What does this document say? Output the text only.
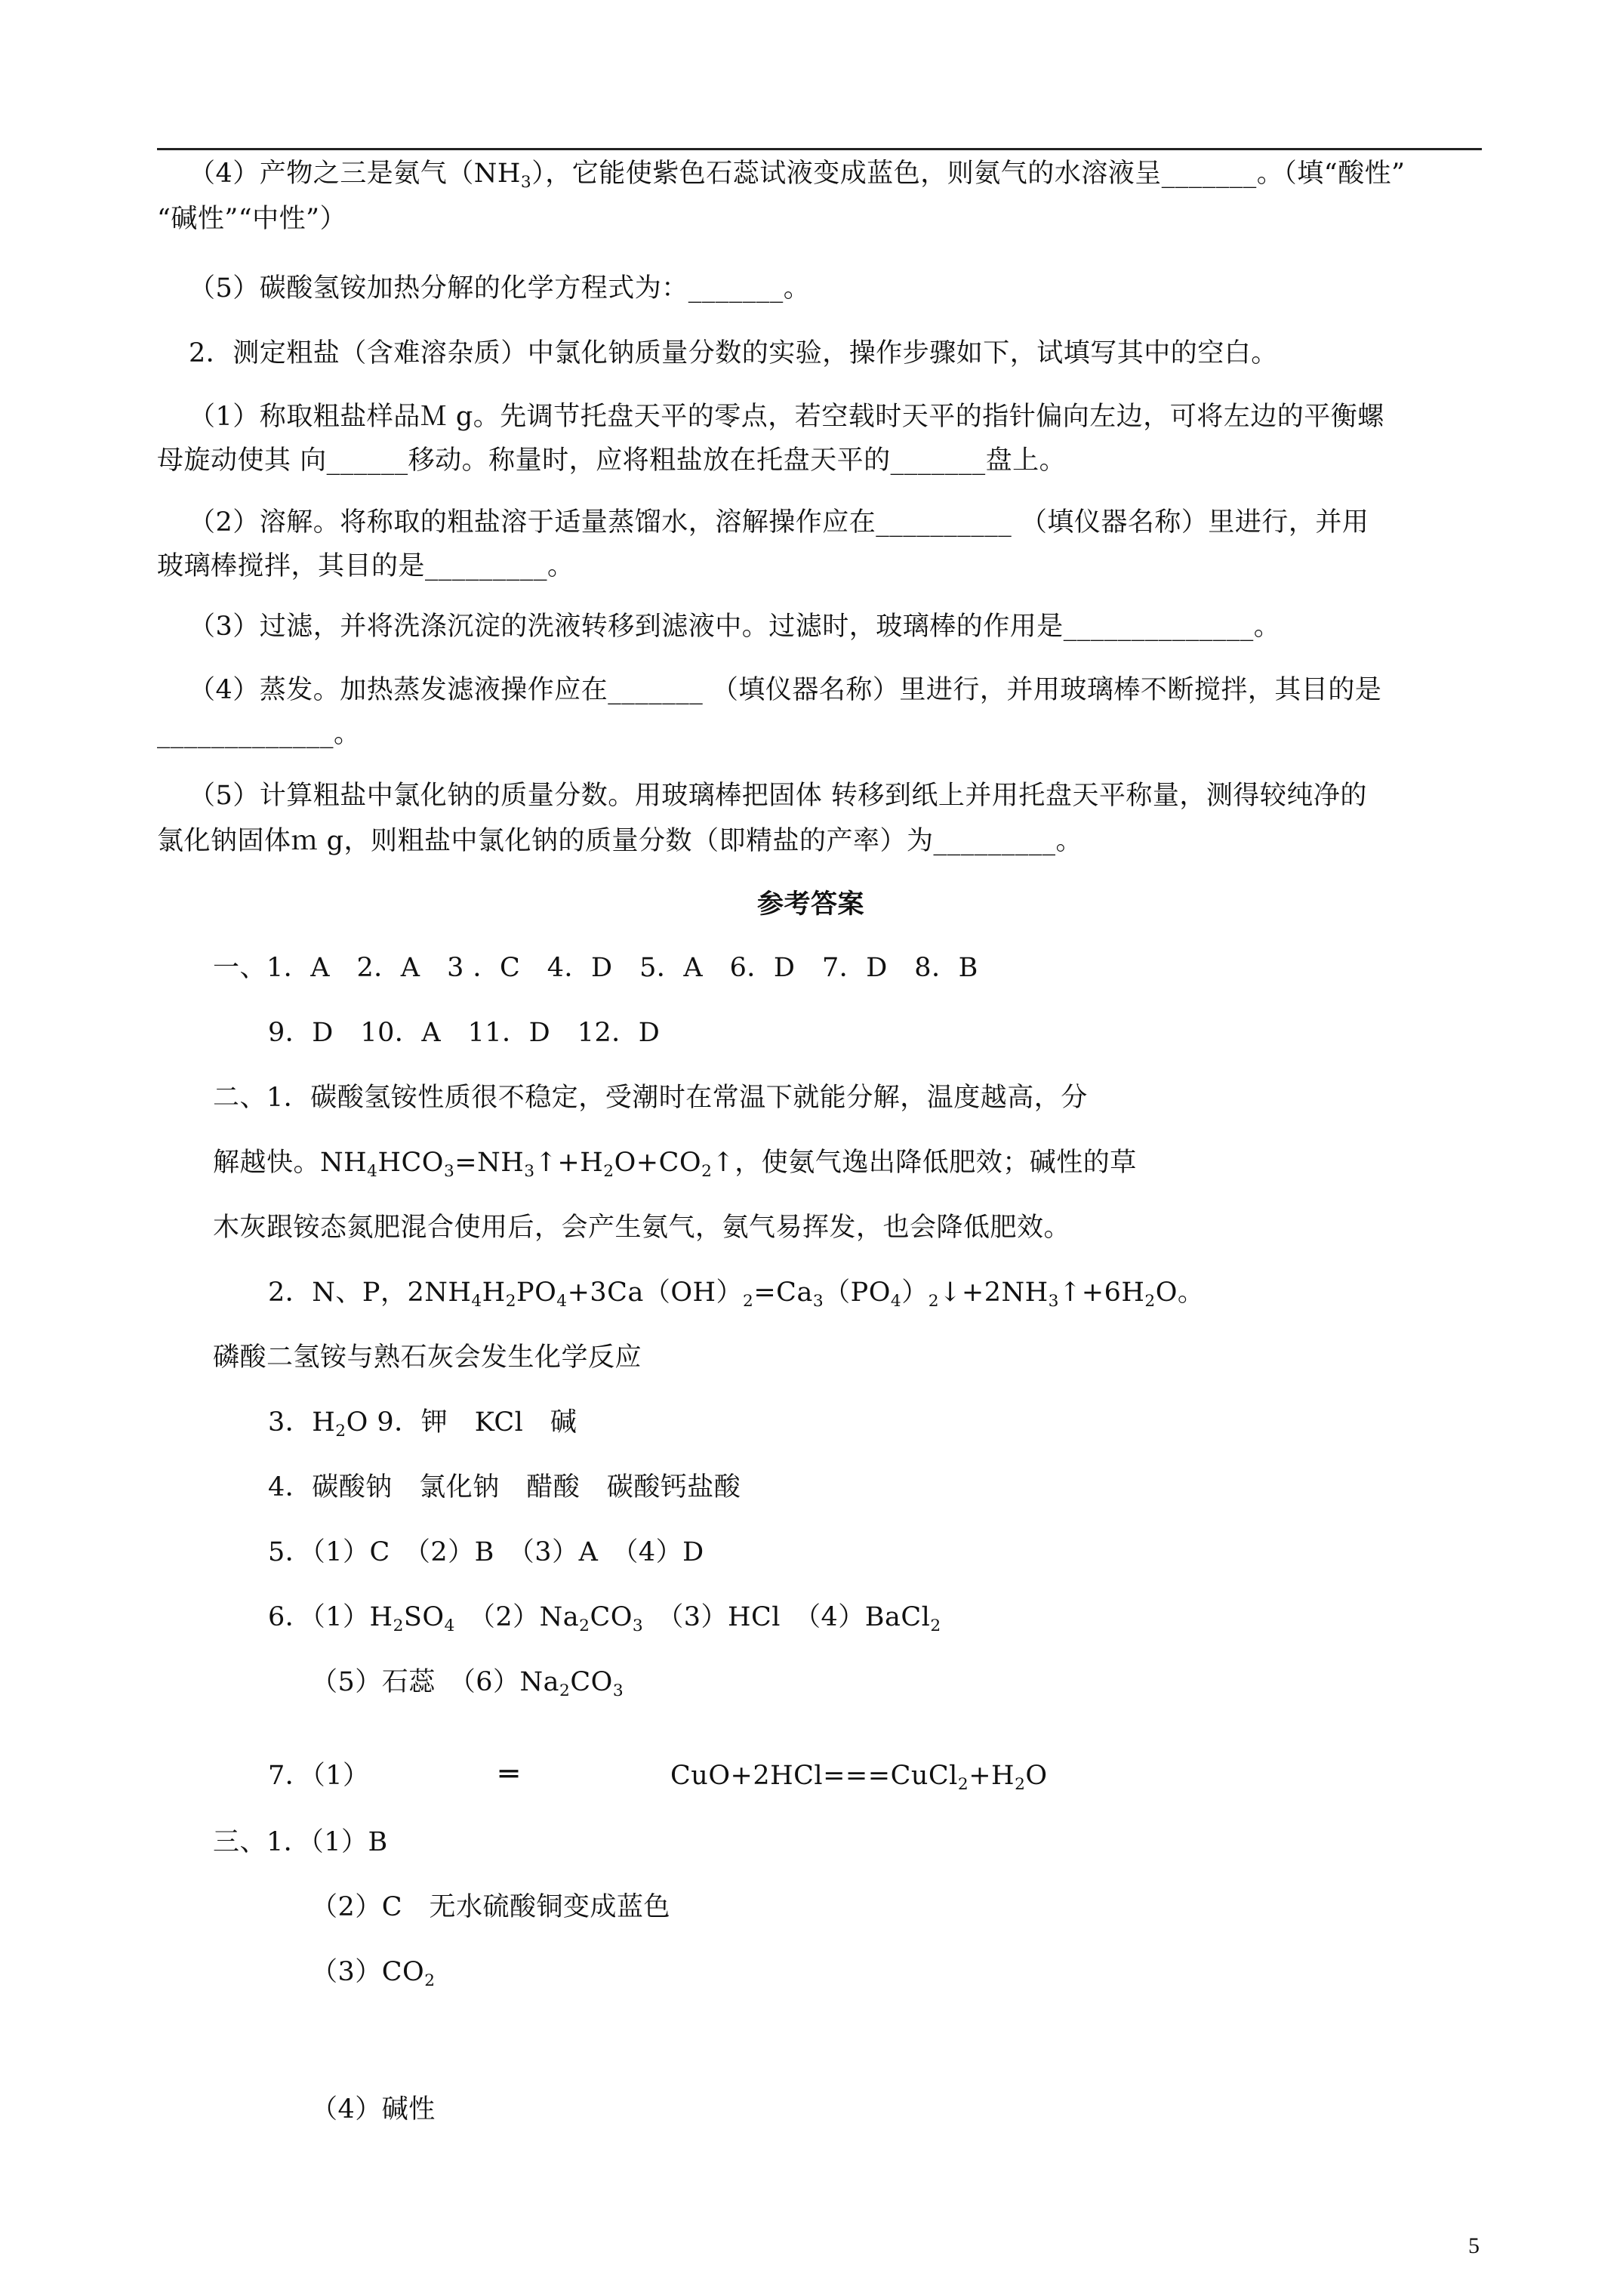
（4）产物之三是氨气$(NH_3)$，它能使紫色石蕊试液变成蓝色，则氨气的水溶液呈_______。（填“酸性”
“碱性”“中性”）
（5）碳酸氢铵加热分解的化学方程式为：_______。
2．测定粗盐（含难溶杂质）中氯化钠质量分数的实验，操作步骤如下，试填写其中的空白。
（1）称取粗盐样品Ｍ g。先调节托盘天平的零点，若空载时天平的指针偏向左边，可将左边的平衡螺
母旋动使其 向______移动。称量时，应将粗盐放在托盘天平的_______盘上。
（2）溶解。将称取的粗盐溶于适量蒸馏水，溶解操作应在__________ （填仪器名称）里进行，并用
玻璃棒搅拌，其目的是_________。
（3）过滤，并将洗涤沉淀的洗液转移到滤液中。过滤时，玻璃棒的作用是______________。
（4）蒸发。加热蒸发滤液操作应在_______ （填仪器名称）里进行，并用玻璃棒不断搅拌，其目的是
_____________。
（5）计算粗盐中氯化钠的质量分数。用玻璃棒把固体 转移到纸上并用托盘天平称量，测得较纯净的
氯化钠固体ｍ g，则粗盐中氯化钠的质量分数（即精盐的产率）为_________。
参考答案
一、1．A　2．A　3 ．C　4．D　5．A　6．D　7．D　8．B
9．D　10．A　11．D　12．D
二、1．碳酸氢铵性质很不稳定，受潮时在常温下就能分解，温度越高，分
解越快。$NH_4HCO_3=NH_3↑+H_2O+CO_2↑$，使氨气逸出降低肥效；碱性的草
木灰跟铵态氮肥混合使用后，会产生氨气，氨气易挥发，也会降低肥效。
2．N、P，$2NH_4H_2PO_4+3Ca(OH)_2=Ca_3(PO_4)_2↓+2NH_3↑+6H_2O$。
磷酸二氢铵与熟石灰会发生化学反应
3．$H_2O$ 9．钾　KCl　碱
4．碳酸钠　氯化钠　醋酸　碳酸钙盐酸
5．（1）C　（2）B　（3）A　（4）D
6．$(1)H_2SO_4$　$(2)Na_2CO_3$　（3）HCl　（4）BaCl$_2$
（5）石蕊　$(6)Na_2CO_3$
7．（1）	═	$CuO+2HCl===CuCl_2+H_2O$
三、1．（1）B
（2）C　无水硫酸铜变成蓝色
$(3)CO_2$
（4）碱性
5
